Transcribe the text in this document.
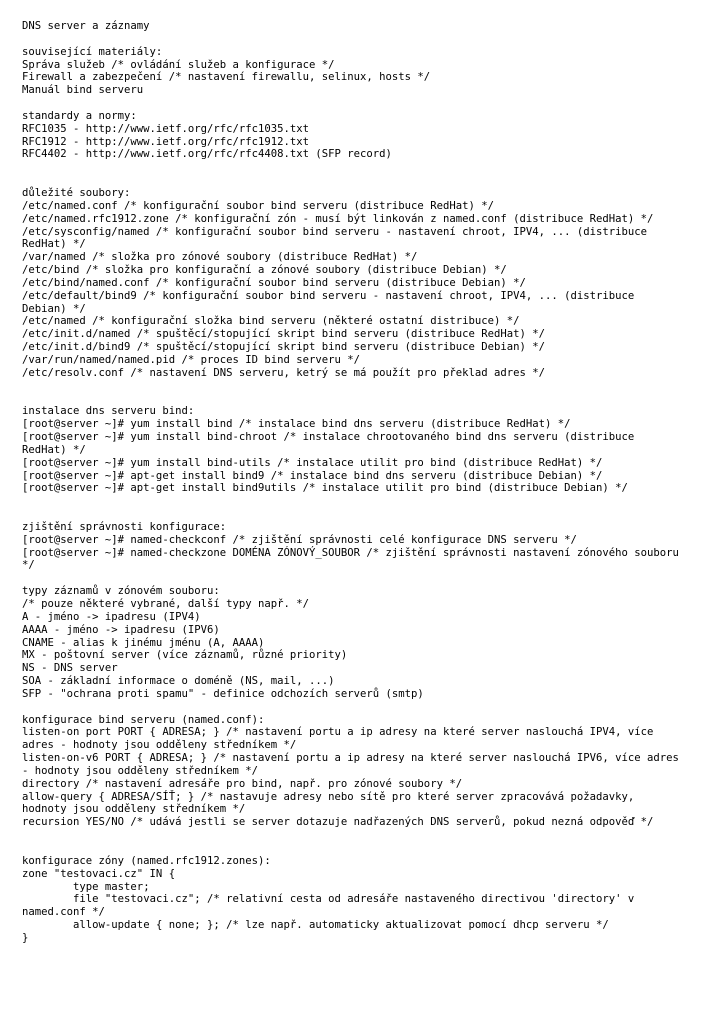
DNS server a záznamy
související materiály:
Správa služeb /* ovládání služeb a konfigurace */
Firewall a zabezpečení /* nastavení firewallu, selinux, hosts */
Manuál bind serveru
standardy a normy:
RFC1035 - http://www.ietf.org/rfc/rfc1035.txt
RFC1912 - http://www.ietf.org/rfc/rfc1912.txt
RFC4402 - http://www.ietf.org/rfc/rfc4408.txt (SFP record)
důležité soubory:
/etc/named.conf /* konfigurační soubor bind serveru (distribuce RedHat) */
/etc/named.rfc1912.zone /* konfigurační zón - musí být linkován z named.conf (distribuce RedHat) */
/etc/sysconfig/named /* konfigurační soubor bind serveru - nastavení chroot, IPV4, ... (distribuce RedHat) */
/var/named /* složka pro zónové soubory (distribuce RedHat) */
/etc/bind /* složka pro konfigurační a zónové soubory (distribuce Debian) */
/etc/bind/named.conf /* konfigurační soubor bind serveru (distribuce Debian) */
/etc/default/bind9 /* konfigurační soubor bind serveru - nastavení chroot, IPV4, ... (distribuce Debian) */
/etc/named /* konfigurační složka bind serveru (některé ostatní distribuce) */
/etc/init.d/named /* spuštěcí/stopující skript bind serveru (distribuce RedHat) */
/etc/init.d/bind9 /* spuštěcí/stopující skript bind serveru (distribuce Debian) */
/var/run/named/named.pid /* proces ID bind serveru */
/etc/resolv.conf /* nastavení DNS serveru, ketrý se má použít pro překlad adres */
instalace dns serveru bind:
[root@server ~]# yum install bind /* instalace bind dns serveru (distribuce RedHat) */
[root@server ~]# yum install bind-chroot /* instalace chrootovaného bind dns serveru (distribuce RedHat) */
[root@server ~]# yum install bind-utils /* instalace utilit pro bind (distribuce RedHat) */
[root@server ~]# apt-get install bind9 /* instalace bind dns serveru (distribuce Debian) */
[root@server ~]# apt-get install bind9utils /* instalace utilit pro bind (distribuce Debian) */
zjištění správnosti konfigurace:
[root@server ~]# named-checkconf /* zjištění správnosti celé konfigurace DNS serveru */
[root@server ~]# named-checkzone DOMÉNA ZÓNOVÝ_SOUBOR /* zjištění správnosti nastavení zónového souboru */
typy záznamů v zónovém souboru:
/* pouze některé vybrané, další typy např. */
A - jméno -> ipadresu (IPV4)
AAAA - jméno -> ipadresu (IPV6)
CNAME - alias k jinému jménu (A, AAAA)
MX - poštovní server (více záznamů, různé priority)
NS - DNS server
SOA - základní informace o doméně (NS, mail, ...)
SFP - "ochrana proti spamu" - definice odchozích serverů (smtp)
konfigurace bind serveru (named.conf):
listen-on port PORT { ADRESA; } /* nastavení portu a ip adresy na které server naslouchá IPV4, více adres - hodnoty jsou odděleny středníkem */
listen-on-v6 PORT { ADRESA; } /* nastavení portu a ip adresy na které server naslouchá IPV6, více adres - hodnoty jsou odděleny středníkem */
directory /* nastavení adresáře pro bind, např. pro zónové soubory */
allow-query { ADRESA/SÍŤ; } /* nastavuje adresy nebo sítě pro které server zpracovává požadavky, hodnoty jsou odděleny středníkem */
recursion YES/NO /* udává jestli se server dotazuje nadřazených DNS serverů, pokud nezná odpověď */
konfigurace zóny (named.rfc1912.zones):
zone "testovaci.cz" IN {
type master;
file "testovaci.cz"; /* relativní cesta od adresáře nastaveného directivou 'directory' v named.conf */
allow-update { none; }; /* lze např. automaticky aktualizovat pomocí dhcp serveru */
}
